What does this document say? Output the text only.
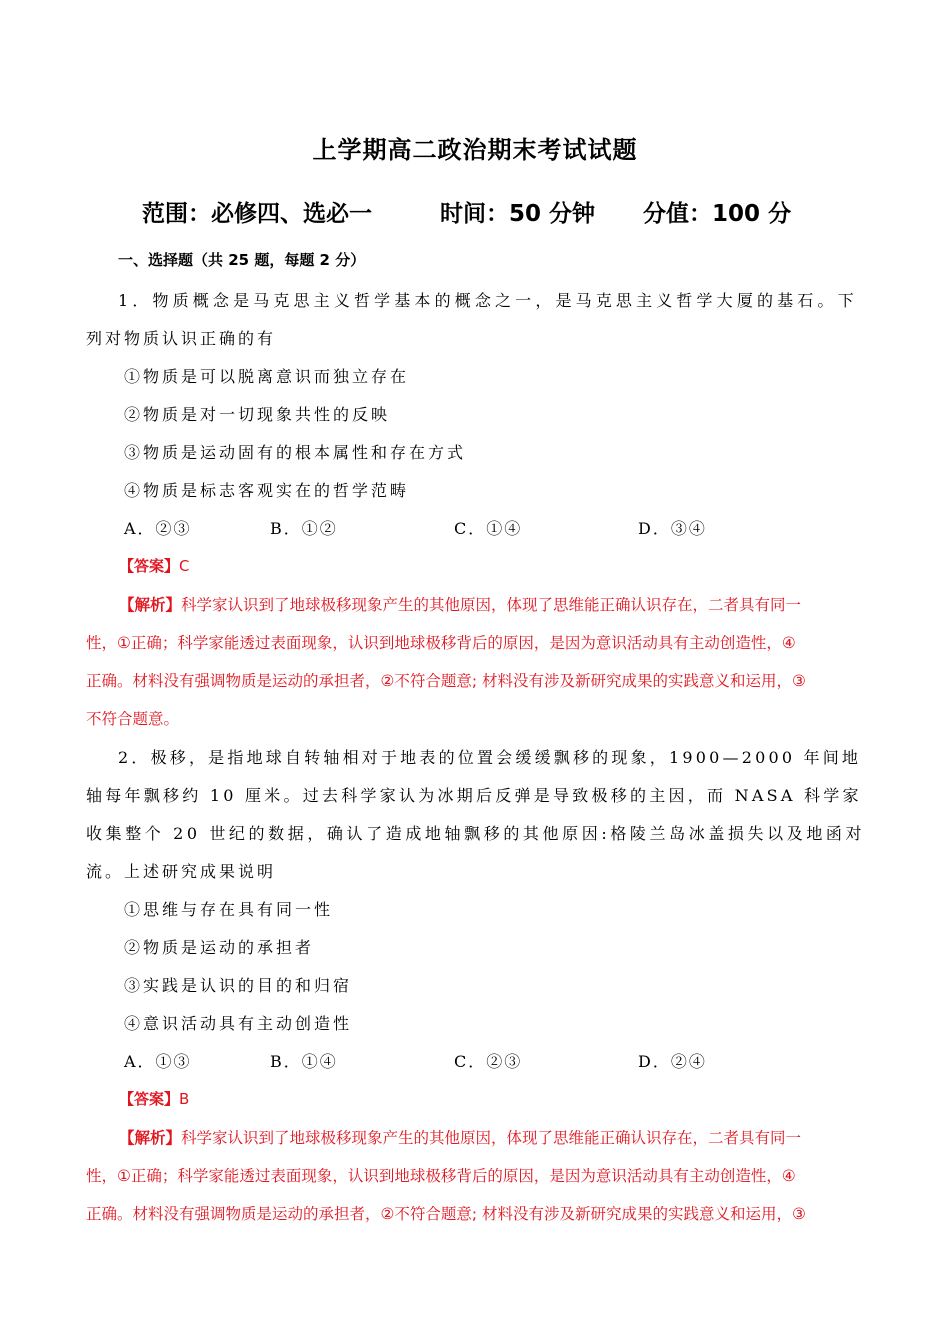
上学期高二政治期末考试试题
范围：必修四、选必一	时间：50 分钟 分值：100 分
一、选择题（共 25 题，每题 2 分）
1．物质概念是马克思主义哲学基本的概念之一，是马克思主义哲学大厦的基石。下
列对物质认识正确的有
①物质是可以脱离意识而独立存在
②物质是对一切现象共性的反映
③物质是运动固有的根本属性和存在方式
④物质是标志客观实在的哲学范畴
A．②③	B．①②	C．①④	D．③④
【答案】C
【解析】科学家认识到了地球极移现象产生的其他原因，体现了思维能正确认识存在，二者具有同一
性，①正确；科学家能透过表面现象，认识到地球极移背后的原因，是因为意识活动具有主动创造性，④
正确。材料没有强调物质是运动的承担者，②不符合题意; 材料没有涉及新研究成果的实践意义和运用，③
不符合题意。
2．极移，是指地球自转轴相对于地表的位置会缓缓飘移的现象，1900—2000 年间地
轴每年飘移约 10 厘米。过去科学家认为冰期后反弹是导致极移的主因，而 NASA 科学家
收集整个 20 世纪的数据，确认了造成地轴飘移的其他原因:格陵兰岛冰盖损失以及地函对
流。上述研究成果说明
①思维与存在具有同一性
②物质是运动的承担者
③实践是认识的目的和归宿
④意识活动具有主动创造性
A．①③	B．①④	C．②③	D．②④
【答案】B
【解析】科学家认识到了地球极移现象产生的其他原因，体现了思维能正确认识存在，二者具有同一
性，①正确；科学家能透过表面现象，认识到地球极移背后的原因，是因为意识活动具有主动创造性，④
正确。材料没有强调物质是运动的承担者，②不符合题意; 材料没有涉及新研究成果的实践意义和运用，③
